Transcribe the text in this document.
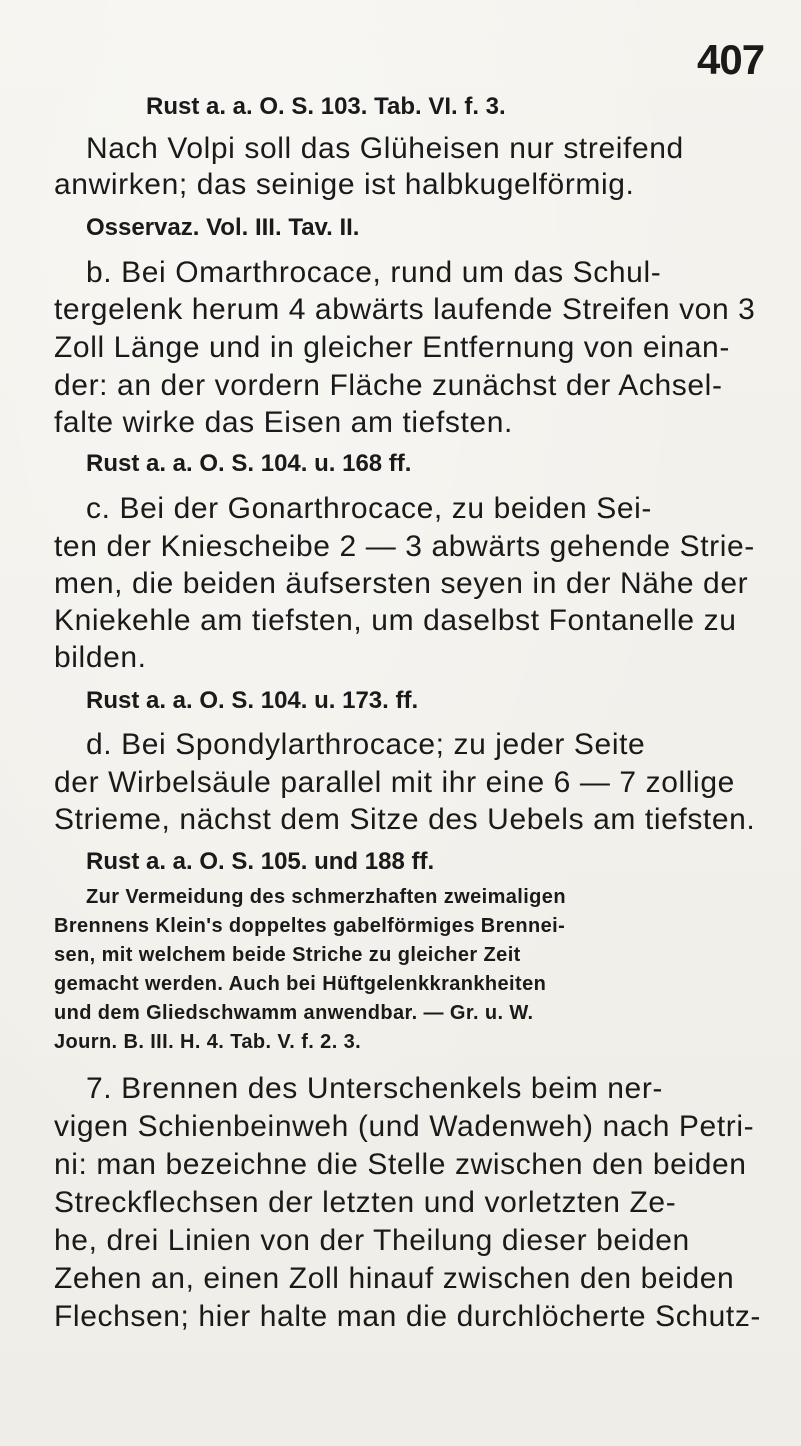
407

Rust a. a. O. S. 103. Tab. VI. f. 3.

Nach Volpi soll das Glüheisen nur streifend

anwirken; das seinige ist halbkugelförmig.

Osservaz. Vol. III. Tav. II.

b. Bei Omarthrocace, rund um das Schul-

tergelenk herum 4 abwärts laufende Streifen von 3

Zoll Länge und in gleicher Entfernung von einan-

der: an der vordern Fläche zunächst der Achsel-

falte wirke das Eisen am tiefsten.

Rust a. a. O. S. 104. u. 168 ff.

c. Bei der Gonarthrocace, zu beiden Sei-

ten der Kniescheibe 2 — 3 abwärts gehende Strie-

men, die beiden äufsersten seyen in der Nähe der

Kniekehle am tiefsten, um daselbst Fontanelle zu

bilden.

Rust a. a. O. S. 104. u. 173. ff.

d. Bei Spondylarthrocace; zu jeder Seite

der Wirbelsäule parallel mit ihr eine 6 — 7 zollige

Strieme, nächst dem Sitze des Uebels am tiefsten.

Rust a. a. O. S. 105. und 188 ff.

Zur Vermeidung des schmerzhaften zweimaligen

Brennens Klein's doppeltes gabelförmiges Brennei-

sen, mit welchem beide Striche zu gleicher Zeit

gemacht werden. Auch bei Hüftgelenkkrankheiten

und dem Gliedschwamm anwendbar. — Gr. u. W.

Journ. B. III. H. 4. Tab. V. f. 2. 3.

7. Brennen des Unterschenkels beim ner-

vigen Schienbeinweh (und Wadenweh) nach Petri-

ni: man bezeichne die Stelle zwischen den beiden

Streckflechsen der letzten und vorletzten Ze-

he, drei Linien von der Theilung dieser beiden

Zehen an, einen Zoll hinauf zwischen den beiden

Flechsen; hier halte man die durchlöcherte Schutz-
